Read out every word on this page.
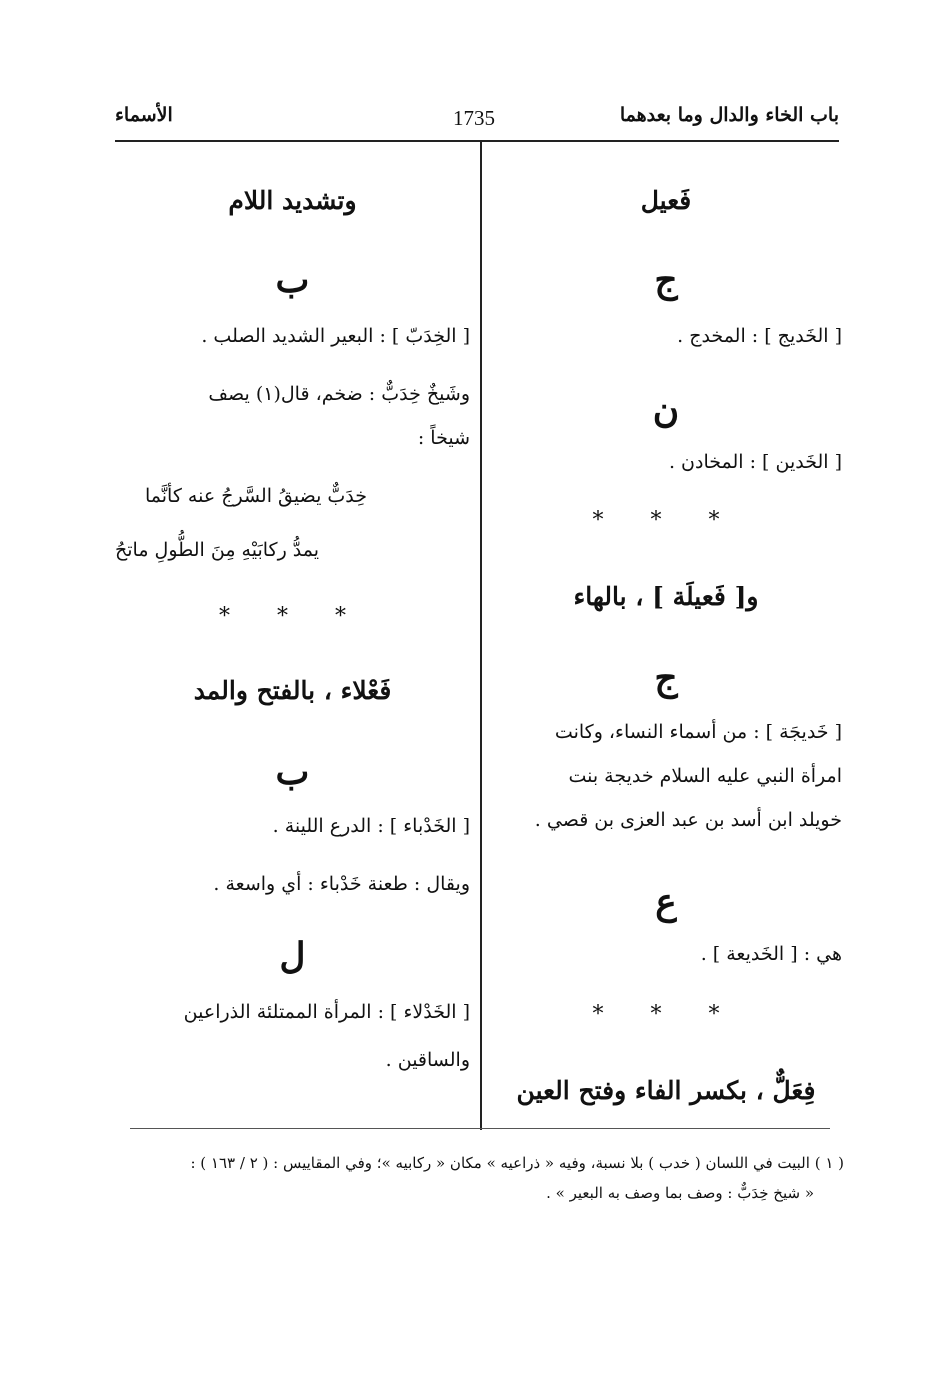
باب الخاء والدال وما بعدهما
1735
الأسماء
فَعيل
ج
[ الخَديج ] : المخدج .
ن
[ الخَدين ] : المخادن .
* * *
و[ فَعيلَة ] ، بالهاء
ج
[ خَديجَة ] : من أسماء النساء، وكانت
امرأة النبي عليه السلام خديجة بنت
خويلد ابن أسد بن عبد العزى بن قصي .
ع
هي : [ الخَديعة ] .
* * *
فِعَلٌّ ، بكسر الفاء وفتح العين
وتشديد اللام
ب
[ الخِدَبّ ] : البعير الشديد الصلب .
وشَيخٌ خِدَبٌّ : ضخم، قال(١) يصف
شيخاً :
خِدَبٌّ يضيقُ السَّرجُ عنه كأنَّما
يمدُّ ركابَيْهِ مِنَ الطُّولِ ماتحُ
* * *
فَعْلاء ، بالفتح والمد
ب
[ الخَدْباء ] : الدرع اللينة .
ويقال : طعنة خَدْباء : أي واسعة .
ل
[ الخَدْلاء ] : المرأة الممتلئة الذراعين
والساقين .
( ١ ) البيت في اللسان ( خدب ) بلا نسبة، وفيه « ذراعيه » مكان « ركابيه »؛ وفي المقاييس : ( ٢ / ١٦٣ ) :
« شيخ خِدَبٌّ : وصف بما وصف به البعير » .
